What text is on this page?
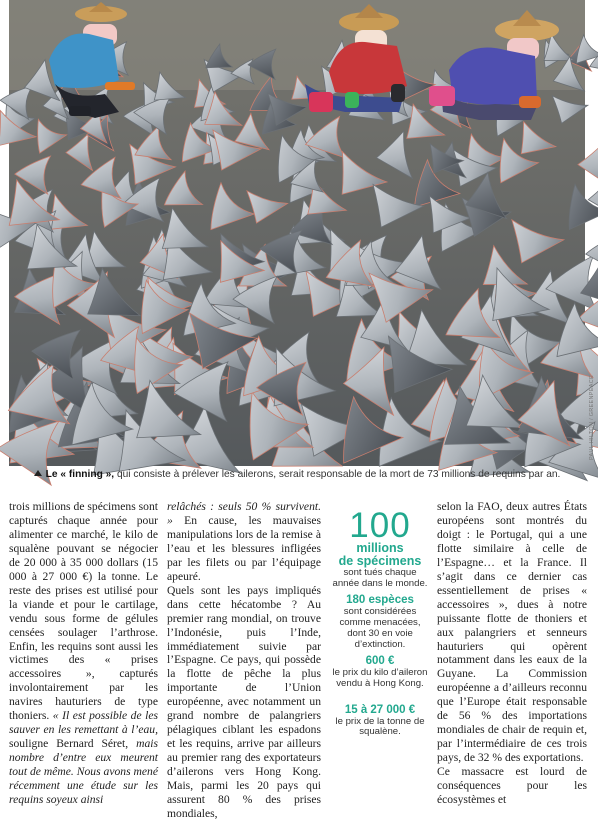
PAUL HILTON / GREENPEACE
Le « finning », qui consiste à prélever les ailerons, serait responsable de la mort de 73 millions de requins par an.

trois millions de spécimens sont capturés chaque année pour alimenter ce marché, le kilo de squalène pouvant se négocier de 20 000 à 35 000 dollars (15 000 à 27 000 €) la tonne. Le reste des prises est utilisé pour la viande et pour le cartilage, vendu sous forme de gélules censées soulager l’arthrose. Enfin, les requins sont aussi les victimes des « prises accessoires », capturés involontairement par les navires hauturiers de type thoniers. « Il est possible de les sauver en les remettant à l’eau, souligne Bernard Séret, mais nombre d’entre eux meurent tout de même. Nous avons mené récemment une étude sur les requins soyeux ainsi

relâchés : seuls 50 % survivent. » En cause, les mauvaises manipulations lors de la remise à l’eau et les blessures infligées par les filets ou par l’équipage apeuré.

Quels sont les pays impliqués dans cette hécatombe ? Au premier rang mondial, on trouve l’Indonésie, puis l’Inde, immédiatement suivie par l’Espagne. Ce pays, qui possède la flotte de pêche la plus importante de l’Union européenne, avec notamment un grand nombre de palangriers pélagiques ciblant les espadons et les requins, arrive par ailleurs au premier rang des exportateurs d’ailerons vers Hong Kong. Mais, parmi les 20 pays qui assurent 80 % des prises mondiales,

100
millions
de spécimens
sont tués chaque année dans le monde.
180 espèces
sont considérées comme menacées, dont 30 en voie d’extinction.
600 €
le prix du kilo d’aileron vendu à Hong Kong.
15 à 27 000 €
le prix de la tonne de squalène.

selon la FAO, deux autres États européens sont montrés du doigt : le Portugal, qui a une flotte similaire à celle de l’Espagne… et la France. Il s’agit dans ce dernier cas essentiellement de prises « accessoires », dues à notre puissante flotte de thoniers et aux palangriers et senneurs hauturiers qui opèrent notamment dans les eaux de la Guyane. La Commission européenne a d’ailleurs reconnu que l’Europe était responsable de 56 % des importations mondiales de chair de requin et, par l’intermédiaire de ces trois pays, de 32 % des exportations.

Ce massacre est lourd de conséquences pour les écosystèmes et
